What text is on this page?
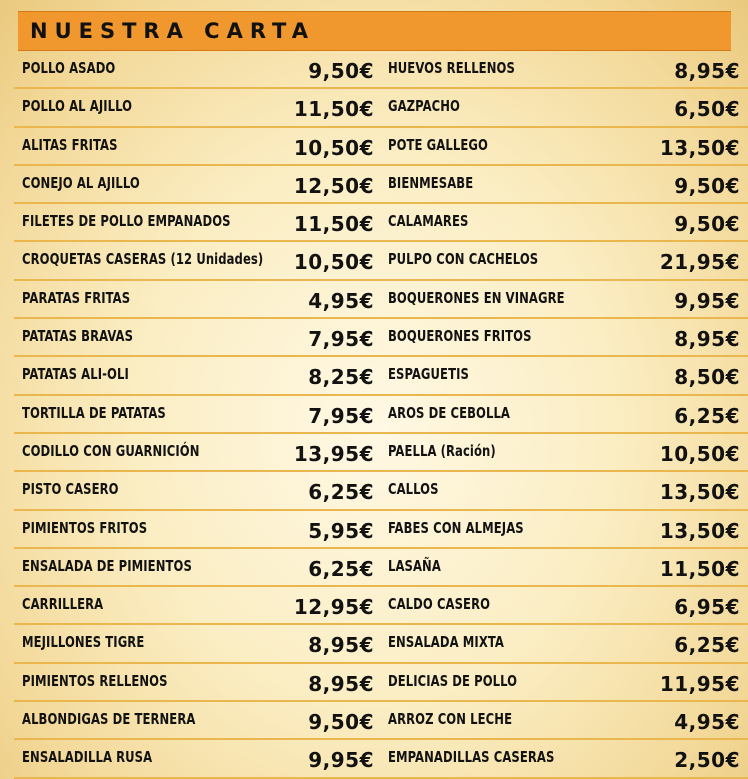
NUESTRA CARTA
POLLO ASADO	9,50€ HUEVOS RELLENOS	8,95€
POLLO AL AJILLO	11,50€ GAZPACHO	6,50€
ALITAS FRITAS	10,50€ POTE GALLEGO	13,50€
CONEJO AL AJILLO	12,50€ BIENMESABE	9,50€
FILETES DE POLLO EMPANADOS	11,50€ CALAMARES	9,50€
CROQUETAS CASERAS (12 Unidades) 10,50€ PULPO CON CACHELOS	21,95€
PARATAS FRITAS	4,95€ BOQUERONES EN VINAGRE	9,95€
PATATAS BRAVAS	7,95€ BOQUERONES FRITOS	8,95€
PATATAS ALI-OLI	8,25€ ESPAGUETIS	8,50€
TORTILLA DE PATATAS	7,95€ AROS DE CEBOLLA	6,25€
CODILLO CON GUARNICIÓN	13,95€ PAELLA (Ración)	10,50€
PISTO CASERO	6,25€ CALLOS	13,50€
PIMIENTOS FRITOS	5,95€ FABES CON ALMEJAS	13,50€
ENSALADA DE PIMIENTOS	6,25€ LASAÑA	11,50€
CARRILLERA	12,95€ CALDO CASERO	6,95€
MEJILLONES TIGRE	8,95€ ENSALADA MIXTA	6,25€
PIMIENTOS RELLENOS	8,95€ DELICIAS DE POLLO	11,95€
ALBONDIGAS DE TERNERA	9,50€ ARROZ CON LECHE	4,95€
ENSALADILLA RUSA	9,95€ EMPANADILLAS CASERAS	2,50€
